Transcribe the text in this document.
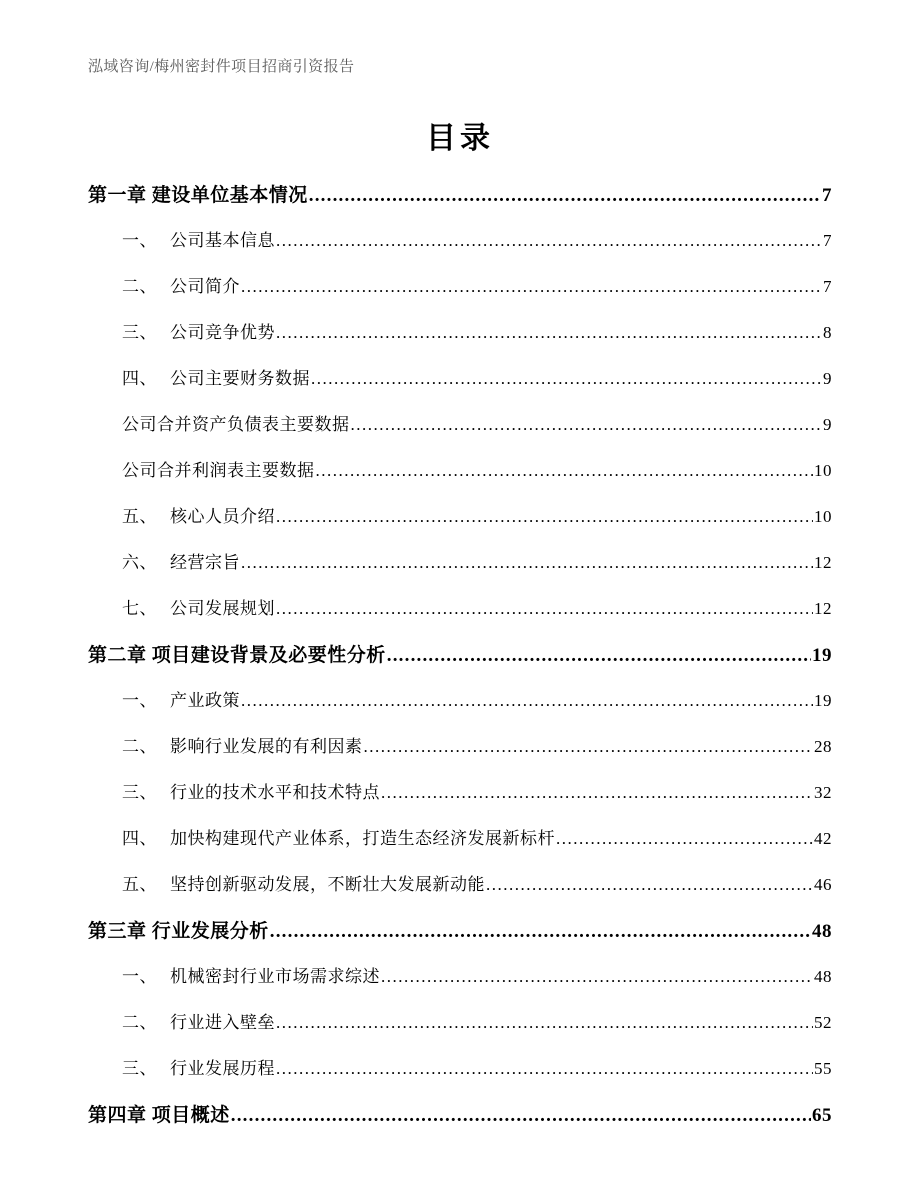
泓域咨询/梅州密封件项目招商引资报告
目录
第一章 建设单位基本情况 .....	7
一、 公司基本信息 .....	7
二、 公司简介 .....	7
三、 公司竞争优势 .....	8
四、 公司主要财务数据 .....	9
公司合并资产负债表主要数据 .....	9
公司合并利润表主要数据 .....	10
五、 核心人员介绍 .....	10
六、 经营宗旨 .....	12
七、 公司发展规划 .....	12
第二章 项目建设背景及必要性分析 .....	19
一、 产业政策 .....	19
二、 影响行业发展的有利因素 .....	28
三、 行业的技术水平和技术特点 .....	32
四、 加快构建现代产业体系，打造生态经济发展新标杆 .....	42
五、 坚持创新驱动发展，不断壮大发展新动能 .....	46
第三章 行业发展分析 .....	48
一、 机械密封行业市场需求综述 .....	48
二、 行业进入壁垒 .....	52
三、 行业发展历程 .....	55
第四章 项目概述 .....	65
